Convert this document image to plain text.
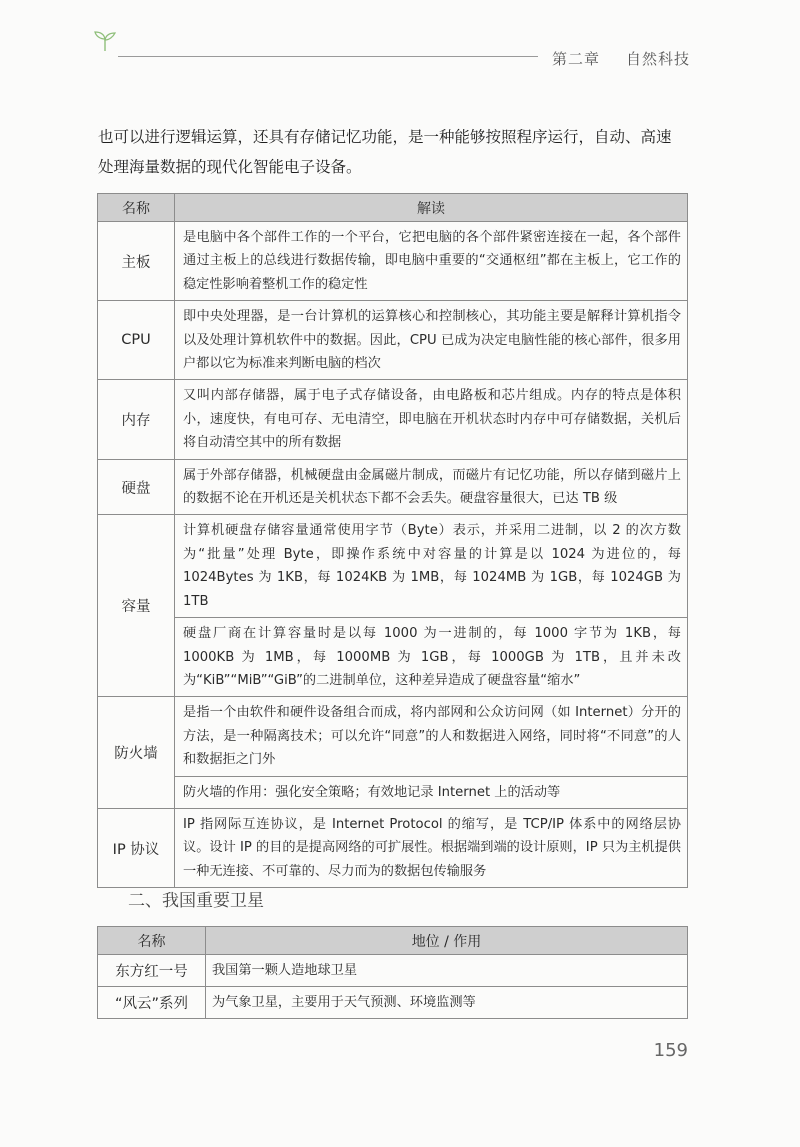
第二章 自然科技

也可以进行逻辑运算，还具有存储记忆功能，是一种能够按照程序运行，自动、高速

处理海量数据的现代化智能电子设备。

名称	解读
主板	是电脑中各个部件工作的一个平台，它把电脑的各个部件紧密连接在一起，各个部件通过主板上的总线进行数据传输，即电脑中重要的“交通枢纽”都在主板上，它工作的稳定性影响着整机工作的稳定性
CPU	即中央处理器，是一台计算机的运算核心和控制核心，其功能主要是解释计算机指令以及处理计算机软件中的数据。因此，CPU 已成为决定电脑性能的核心部件，很多用户都以它为标准来判断电脑的档次
内存	又叫内部存储器，属于电子式存储设备，由电路板和芯片组成。内存的特点是体积小，速度快，有电可存、无电清空，即电脑在开机状态时内存中可存储数据，关机后将自动清空其中的所有数据
硬盘	属于外部存储器，机械硬盘由金属磁片制成，而磁片有记忆功能，所以存储到磁片上的数据不论在开机还是关机状态下都不会丢失。硬盘容量很大，已达 TB 级
容量	计算机硬盘存储容量通常使用字节（Byte）表示，并采用二进制，以 2 的次方数为“批量”处理 Byte，即操作系统中对容量的计算是以 1024 为进位的，每 1024Bytes 为 1KB，每 1024KB 为 1MB，每 1024MB 为 1GB，每 1024GB 为 1TB
	硬盘厂商在计算容量时是以每 1000 为一进制的，每 1000 字节为 1KB，每 1000KB 为 1MB，每 1000MB 为 1GB，每 1000GB 为 1TB，且并未改为“KiB”“MiB”“GiB”的二进制单位，这种差异造成了硬盘容量“缩水”
防火墙	是指一个由软件和硬件设备组合而成，将内部网和公众访问网（如 Internet）分开的方法，是一种隔离技术；可以允许“同意”的人和数据进入网络，同时将“不同意”的人和数据拒之门外
	防火墙的作用：强化安全策略；有效地记录 Internet 上的活动等
IP 协议	IP 指网际互连协议，是 Internet Protocol 的缩写，是 TCP/IP 体系中的网络层协议。设计 IP 的目的是提高网络的可扩展性。根据端到端的设计原则，IP 只为主机提供一种无连接、不可靠的、尽力而为的数据包传输服务
二、我国重要卫星
名称	地位 / 作用
东方红一号	我国第一颗人造地球卫星
“风云”系列	为气象卫星，主要用于天气预测、环境监测等
159
